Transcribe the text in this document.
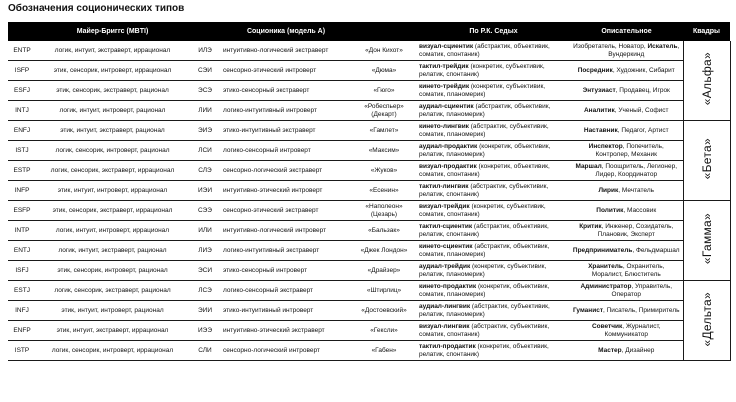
Обозначения соционических типов
	Майер-Бриггс (MBTI)		Соционика (модель А)		По Р.К. Седых	Описательное	Квадры
ENTP	логик, интуит, экстраверт, иррационал	ИЛЭ	интуитивно-логический экстраверт	«Дон Кихот»	визуал-сциентик (абстрактик, объективик, соматик, спонтаник)	Изобретатель, Новатор, Искатель, Вундеркинд	«Альфа»
ISFP	этик, сенсорик, интроверт, иррационал	СЭИ	сенсорно-этический интроверт	«Дюма»	тактил-трейдик (конкретик, субъективик, релатик, спонтаник)	Посредник, Художник, Сибарит	
ESFJ	этик, сенсорик, экстраверт, рационал	ЭСЭ	этико-сенсорный экстраверт	«Гюго»	кинето-трейдик (конкретик, субъективик, соматик, планомерик)	Энтузиаст, Продавец, Игрок	
INTJ	логик, интуит, интроверт, рационал	ЛИИ	логико-интуитивный интроверт	«Робеспьер» (Декарт)	аудиал-сциентик (абстрактик, объективик, релатик, планомерик)	Аналитик, Ученый, Софист	
ENFJ	этик, интуит, экстраверт, рационал	ЭИЭ	этико-интуитивный экстраверт	«Гамлет»	кинето-лингвик (абстрактик, субъективик, соматик, планомерик)	Наставник, Педагог, Артист	«Бета»
ISTJ	логик, сенсорик, интроверт, рационал	ЛСИ	логико-сенсорный интроверт	«Максим»	аудиал-продактик (конкретик, объективик, релатик, планомерик)	Инспектор, Попечитель, Контролер, Механик	
ESTP	логик, сенсорик, экстраверт, иррационал	СЛЭ	сенсорно-логический экстраверт	«Жуков»	визуал-продактик (конкретик, объективик, соматик, спонтаник)	Маршал, Поощритель, Легионер, Лидер, Координатор	
INFP	этик, интуит, интроверт, иррационал	ИЭИ	интуитивно-этический интроверт	«Есенин»	тактил-лингвик (абстрактик, субъективик, релатик, спонтаник)	Лирик, Мечтатель	
ESFP	этик, сенсорик, экстраверт, иррационал	СЭЭ	сенсорно-этический экстраверт	«Наполеон» (Цезарь)	визуал-трейдик (конкретик, субъективик, соматик, спонтаник)	Политик, Массовик	«Гамма»
INTP	логик, интуит, интроверт, иррационал	ИЛИ	интуитивно-логический интроверт	«Бальзак»	тактил-сциентик (абстрактик, объективик, релатик, спонтаник)	Критик, Инженер, Созидатель, Плановик, Эксперт	
ENTJ	логик, интуит, экстраверт, рационал	ЛИЭ	логико-интуитивный экстраверт	«Джек Лондон»	кинето-сциентик (абстрактик, объективик, соматик, планомерик)	Предприниматель, Фельдмаршал	
ISFJ	этик, сенсорик, интроверт, рационал	ЭСИ	этико-сенсорный интроверт	«Драйзер»	аудиал-трейдик (конкретик, субъективик, релатик, планомерик)	Хранитель, Охранитель, Моралист, Блюститель	
ESTJ	логик, сенсорик, экстраверт, рационал	ЛСЭ	логико-сенсорный экстраверт	«Штирлиц»	кинето-продактик (конкретик, объективик, соматик, планомерик)	Администратор, Управитель, Оператор	«Дельта»
INFJ	этик, интуит, интроверт, рационал	ЭИИ	этико-интуитивный интроверт	«Достоевский»	аудиал-лингвик (абстрактик, субъективик, релатик, планомерик)	Гуманист, Писатель, Примиритель	
ENFP	этик, интуит, экстраверт, иррационал	ИЭЭ	интуитивно-этический экстраверт	«Гексли»	визуал-лингвик (абстрактик, субъективик, соматик, спонтаник)	Советчик, Журналист, Коммуникатор	
ISTP	логик, сенсорик, интроверт, иррационал	СЛИ	сенсорно-логический интроверт	«Габен»	тактил-продактик (конкретик, объективик, релатик, спонтаник)	Мастер, Дизайнер	
